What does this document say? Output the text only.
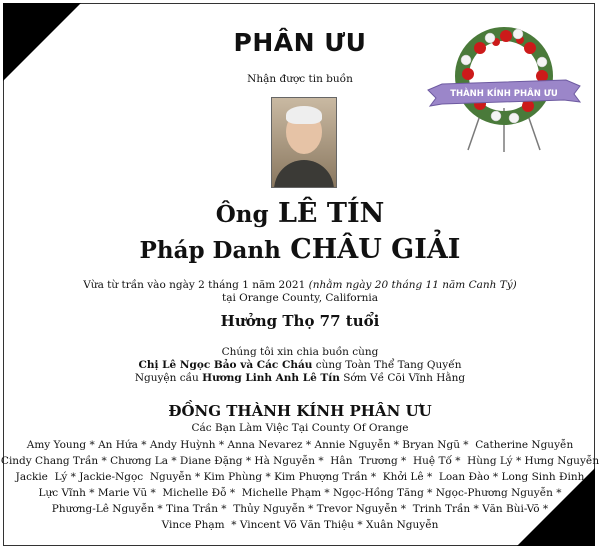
PHÂN ƯU
Nhận được tin buồn
THÀNH KÍNH PHÂN ƯU
Ông LÊ TÍN
Pháp Danh CHÂU GIẢI
Vừa từ trần vào ngày 2 tháng 1 năm 2021 (nhằm ngày 20 tháng 11 năm Canh Tý)
tại Orange County, California
Hưởng Thọ 77 tuổi
Chúng tôi xin chia buồn cùng
Chị Lê Ngọc Bảo và Các Cháu cùng Toàn Thể Tang Quyến
Nguyện cầu Hương Linh Anh Lê Tín Sớm Về Cõi Vĩnh Hằng
ĐỒNG THÀNH KÍNH PHÂN ƯU
Các Bạn Làm Việc Tại County Of Orange
Amy Young * An Hứa * Andy Huỳnh * Anna Nevarez * Annie Nguyễn * Bryan Ngũ *  Catherine Nguyễn
Cindy Chang Trần * Chương La * Diane Đặng * Hà Nguyễn *  Hân  Trương *  Huệ Tố *  Hùng Lý * Hưng Nguyễn
Jackie  Lý * Jackie-Ngọc  Nguyễn * Kim Phùng * Kim Phượng Trần *  Khởi Lê *  Loan Đào * Long Sinh Đinh
Lực Vĩnh * Marie Vũ *  Michelle Đỗ *  Michelle Phạm * Ngọc-Hồng Tăng * Ngọc-Phương Nguyễn *
Phương-Lê Nguyễn * Tina Trần *  Thủy Nguyễn * Trevor Nguyễn *  Trinh Trần * Văn Bùi-Võ *
Vince Phạm  * Vincent Võ Văn Thiệu * Xuân Nguyễn
